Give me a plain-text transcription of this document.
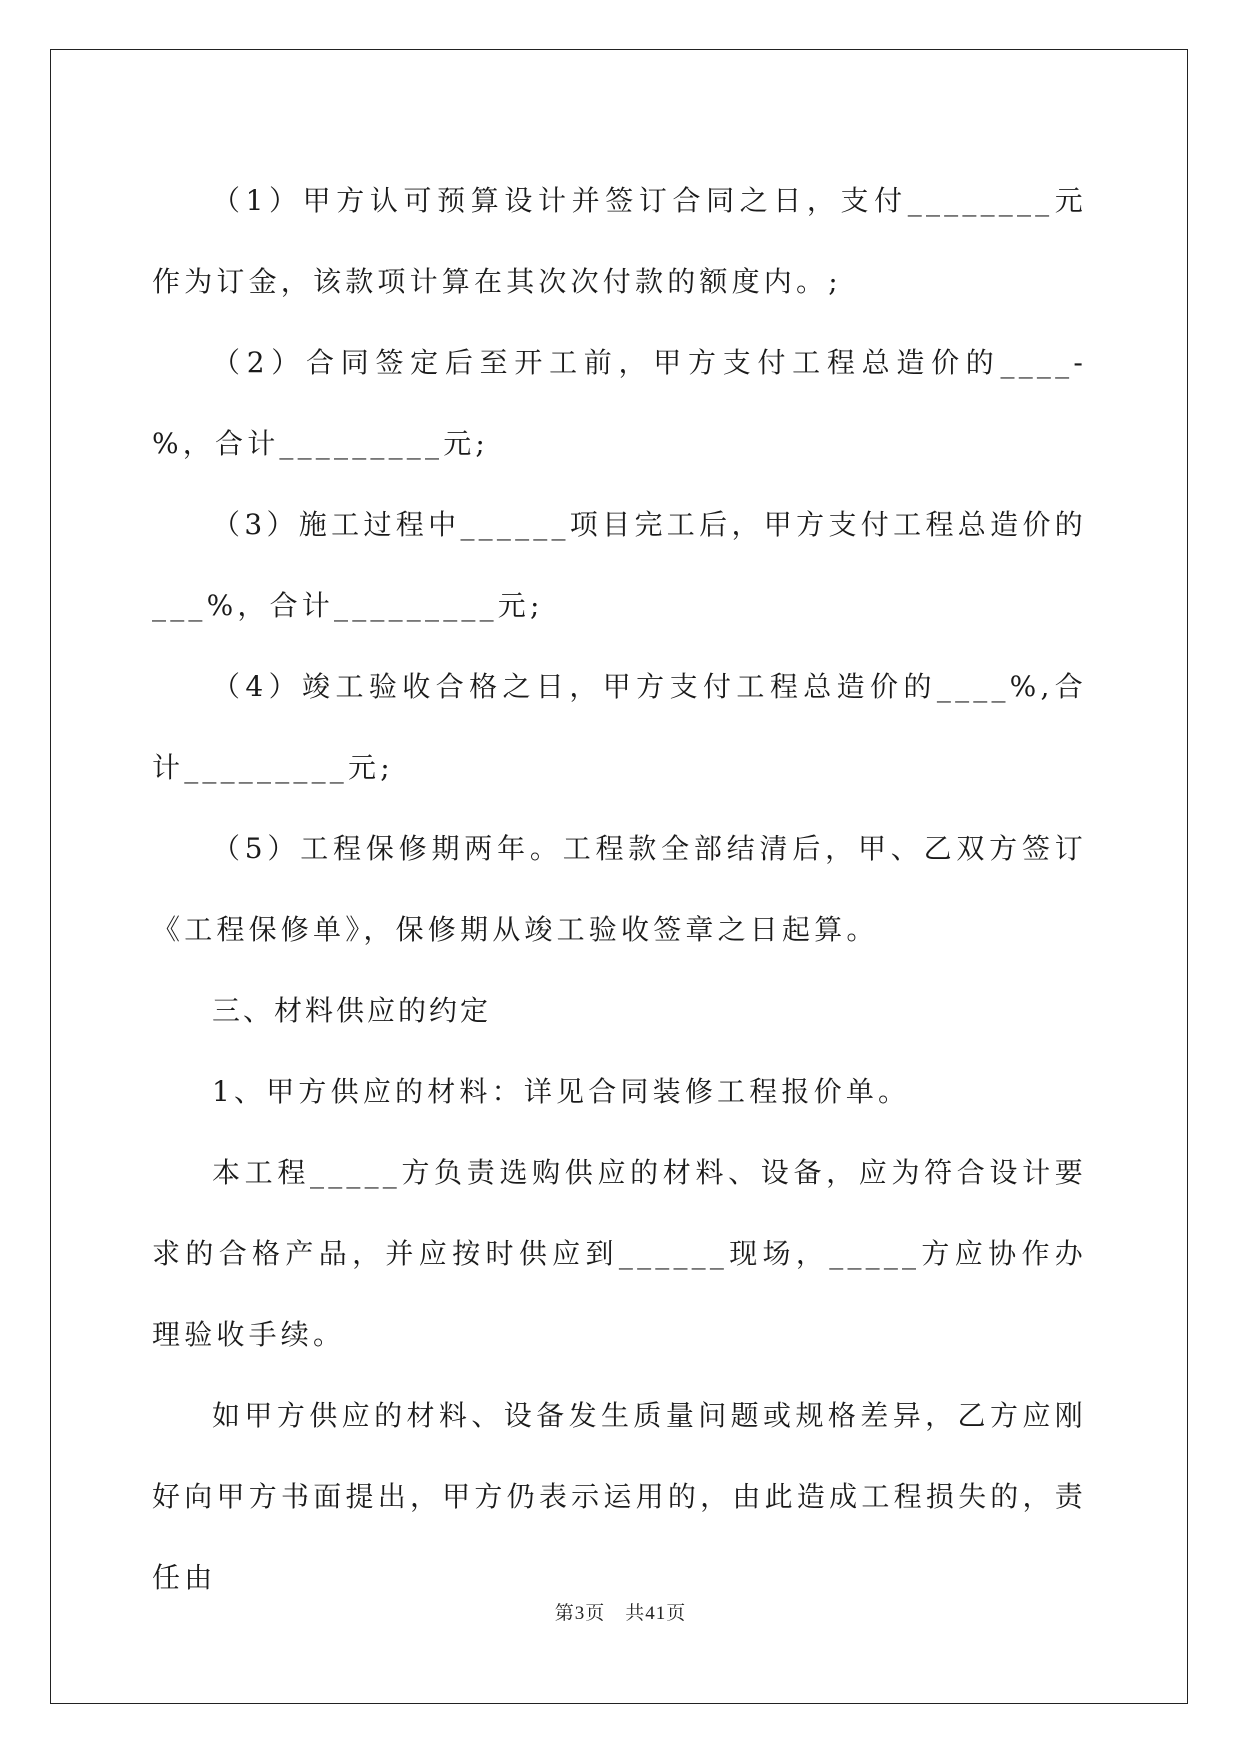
（1）甲方认可预算设计并签订合同之日，支付________元作为订金，该款项计算在其次次付款的额度内。;

（2）合同签定后至开工前，甲方支付工程总造价的____-%，合计_________元;

（3）施工过程中______项目完工后，甲方支付工程总造价的___%，合计_________元;

（4）竣工验收合格之日，甲方支付工程总造价的____%,合计_________元;

（5）工程保修期两年。工程款全部结清后，甲、乙双方签订《工程保修单》，保修期从竣工验收签章之日起算。

三、材料供应的约定

1、甲方供应的材料：详见合同装修工程报价单。

本工程_____方负责选购供应的材料、设备，应为符合设计要求的合格产品，并应按时供应到______现场，_____方应协作办理验收手续。

如甲方供应的材料、设备发生质量问题或规格差异，乙方应刚好向甲方书面提出，甲方仍表示运用的，由此造成工程损失的，责任由

第3页　共41页
